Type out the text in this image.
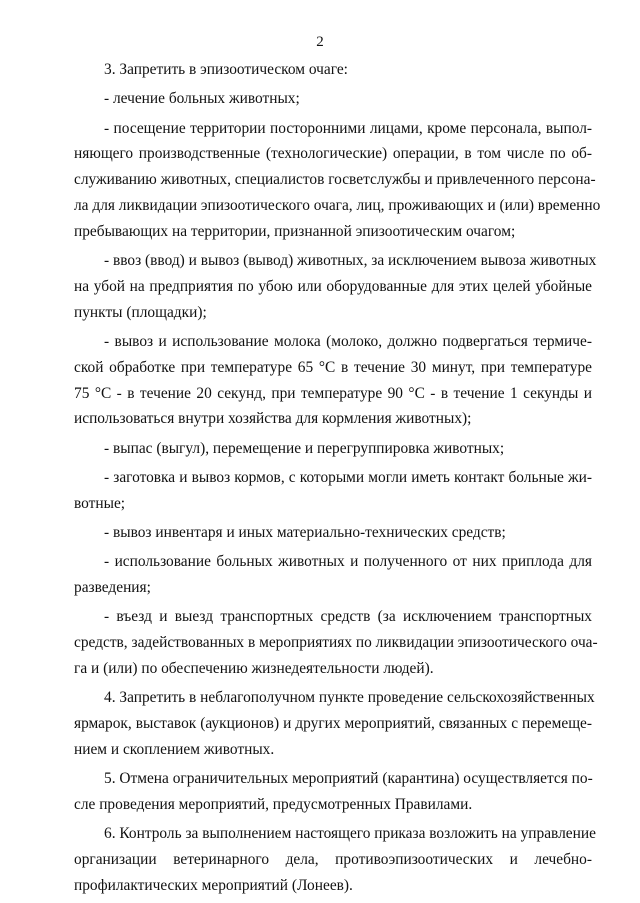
2
3. Запретить в эпизоотическом очаге:
- лечение больных животных;
- посещение территории посторонними лицами, кроме персонала, выпол-
няющего производственные (технологические) операции, в том числе по об-
служиванию животных, специалистов госветслужбы и привлеченного персона-
ла для ликвидации эпизоотического очага, лиц, проживающих и (или) временно
пребывающих на территории, признанной эпизоотическим очагом;
- ввоз (ввод) и вывоз (вывод) животных, за исключением вывоза животных
на убой на предприятия по убою или оборудованные для этих целей убойные
пункты (площадки);
- вывоз и использование молока (молоко, должно подвергаться термиче-
ской обработке при температуре 65 °С в течение 30 минут, при температуре
75 °С - в течение 20 секунд, при температуре 90 °С - в течение 1 секунды и
использоваться внутри хозяйства для кормления животных);
- выпас (выгул), перемещение и перегруппировка животных;
- заготовка и вывоз кормов, с которыми могли иметь контакт больные жи-
вотные;
- вывоз инвентаря и иных материально-технических средств;
- использование больных животных и полученного от них приплода для
разведения;
- въезд и выезд транспортных средств (за исключением транспортных
средств, задействованных в мероприятиях по ликвидации эпизоотического оча-
га и (или) по обеспечению жизнедеятельности людей).
4. Запретить в неблагополучном пункте проведение сельскохозяйственных
ярмарок, выставок (аукционов) и других мероприятий, связанных с перемеще-
нием и скоплением животных.
5. Отмена ограничительных мероприятий (карантина) осуществляется по-
сле проведения мероприятий, предусмотренных Правилами.
6. Контроль за выполнением настоящего приказа возложить на управление
организации ветеринарного дела, противоэпизоотических и лечебно-
профилактических мероприятий (Лонеев).
